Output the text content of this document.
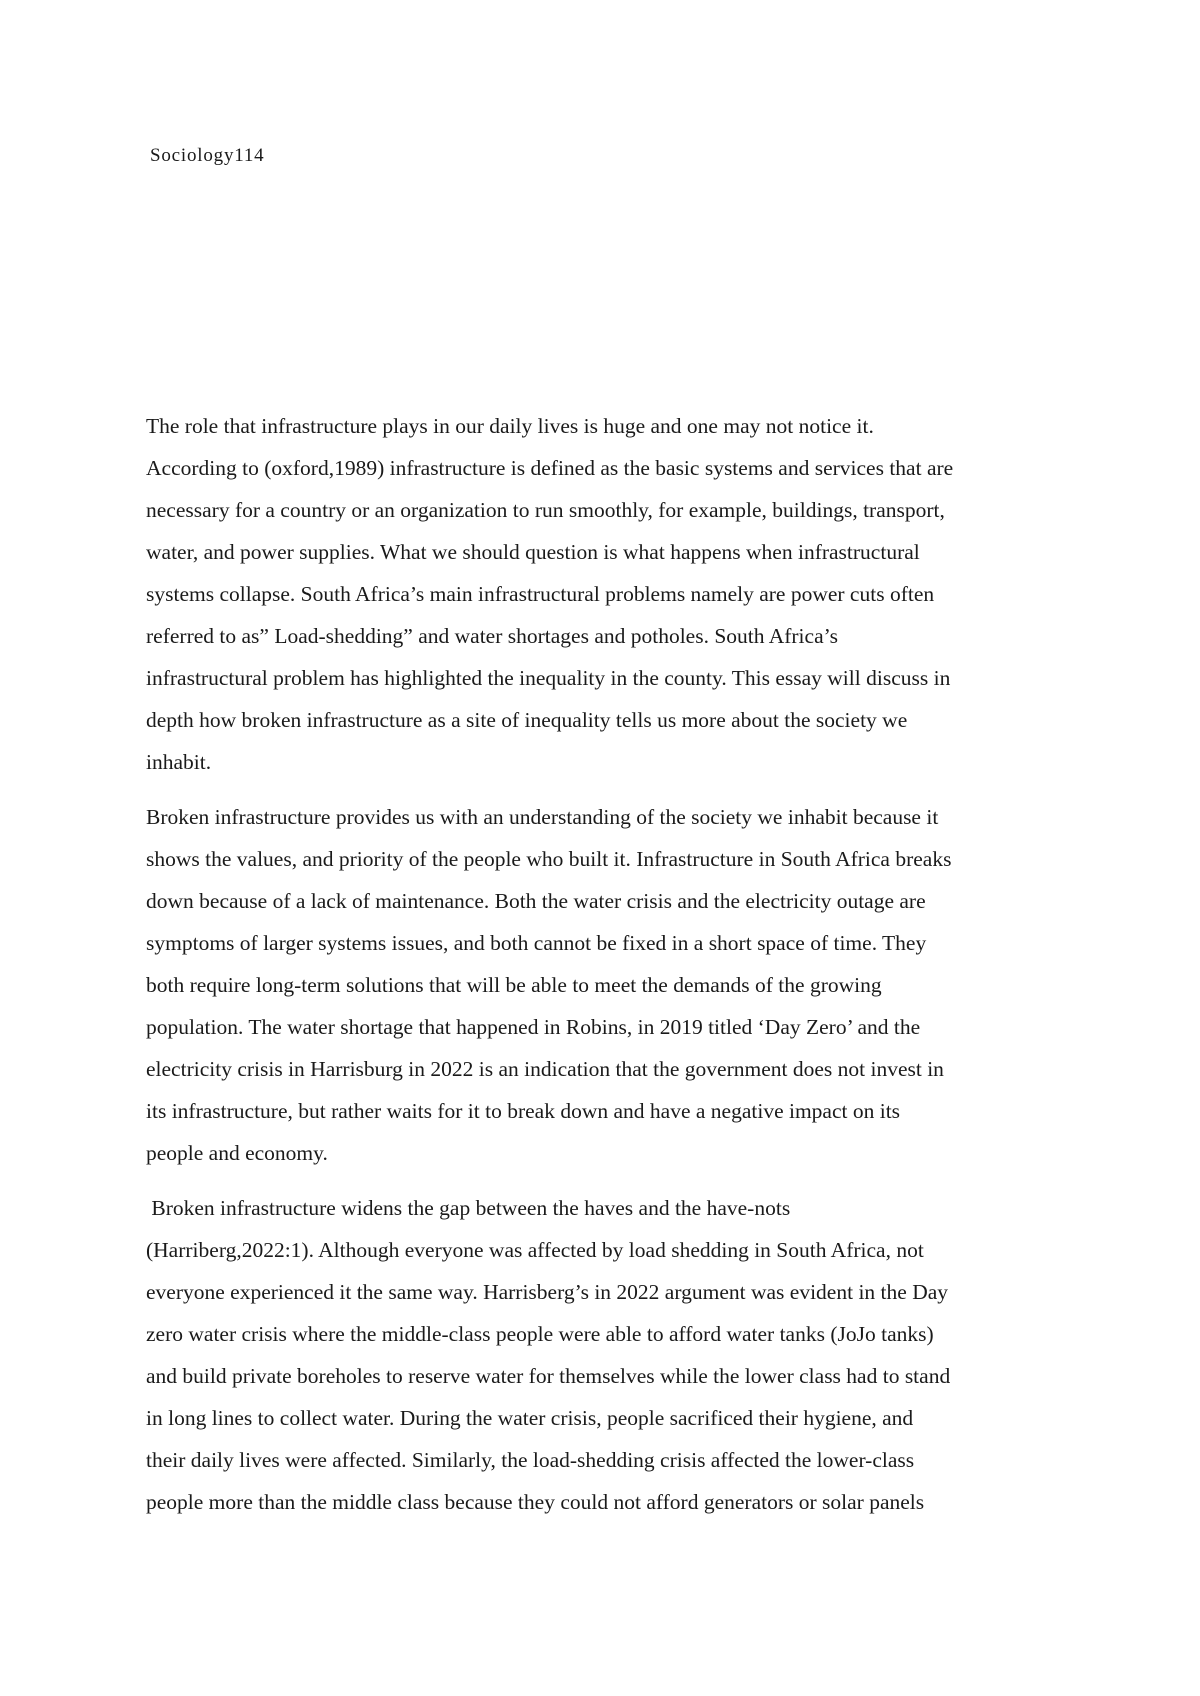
Sociology114
The role that infrastructure plays in our daily lives is huge and one may not notice it.
According to (oxford,1989) infrastructure is defined as the basic systems and services that are
necessary for a country or an organization to run smoothly, for example, buildings, transport,
water, and power supplies. What we should question is what happens when infrastructural
systems collapse. South Africa’s main infrastructural problems namely are power cuts often
referred to as” Load-shedding” and water shortages and potholes. South Africa’s
infrastructural problem has highlighted the inequality in the county. This essay will discuss in
depth how broken infrastructure as a site of inequality tells us more about the society we
inhabit.
Broken infrastructure provides us with an understanding of the society we inhabit because it
shows the values, and priority of the people who built it. Infrastructure in South Africa breaks
down because of a lack of maintenance. Both the water crisis and the electricity outage are
symptoms of larger systems issues, and both cannot be fixed in a short space of time. They
both require long-term solutions that will be able to meet the demands of the growing
population. The water shortage that happened in Robins, in 2019 titled ‘Day Zero’ and the
electricity crisis in Harrisburg in 2022 is an indication that the government does not invest in
its infrastructure, but rather waits for it to break down and have a negative impact on its
people and economy.
Broken infrastructure widens the gap between the haves and the have-nots
(Harriberg,2022:1). Although everyone was affected by load shedding in South Africa, not
everyone experienced it the same way. Harrisberg’s in 2022 argument was evident in the Day
zero water crisis where the middle-class people were able to afford water tanks (JoJo tanks)
and build private boreholes to reserve water for themselves while the lower class had to stand
in long lines to collect water. During the water crisis, people sacrificed their hygiene, and
their daily lives were affected. Similarly, the load-shedding crisis affected the lower-class
people more than the middle class because they could not afford generators or solar panels
